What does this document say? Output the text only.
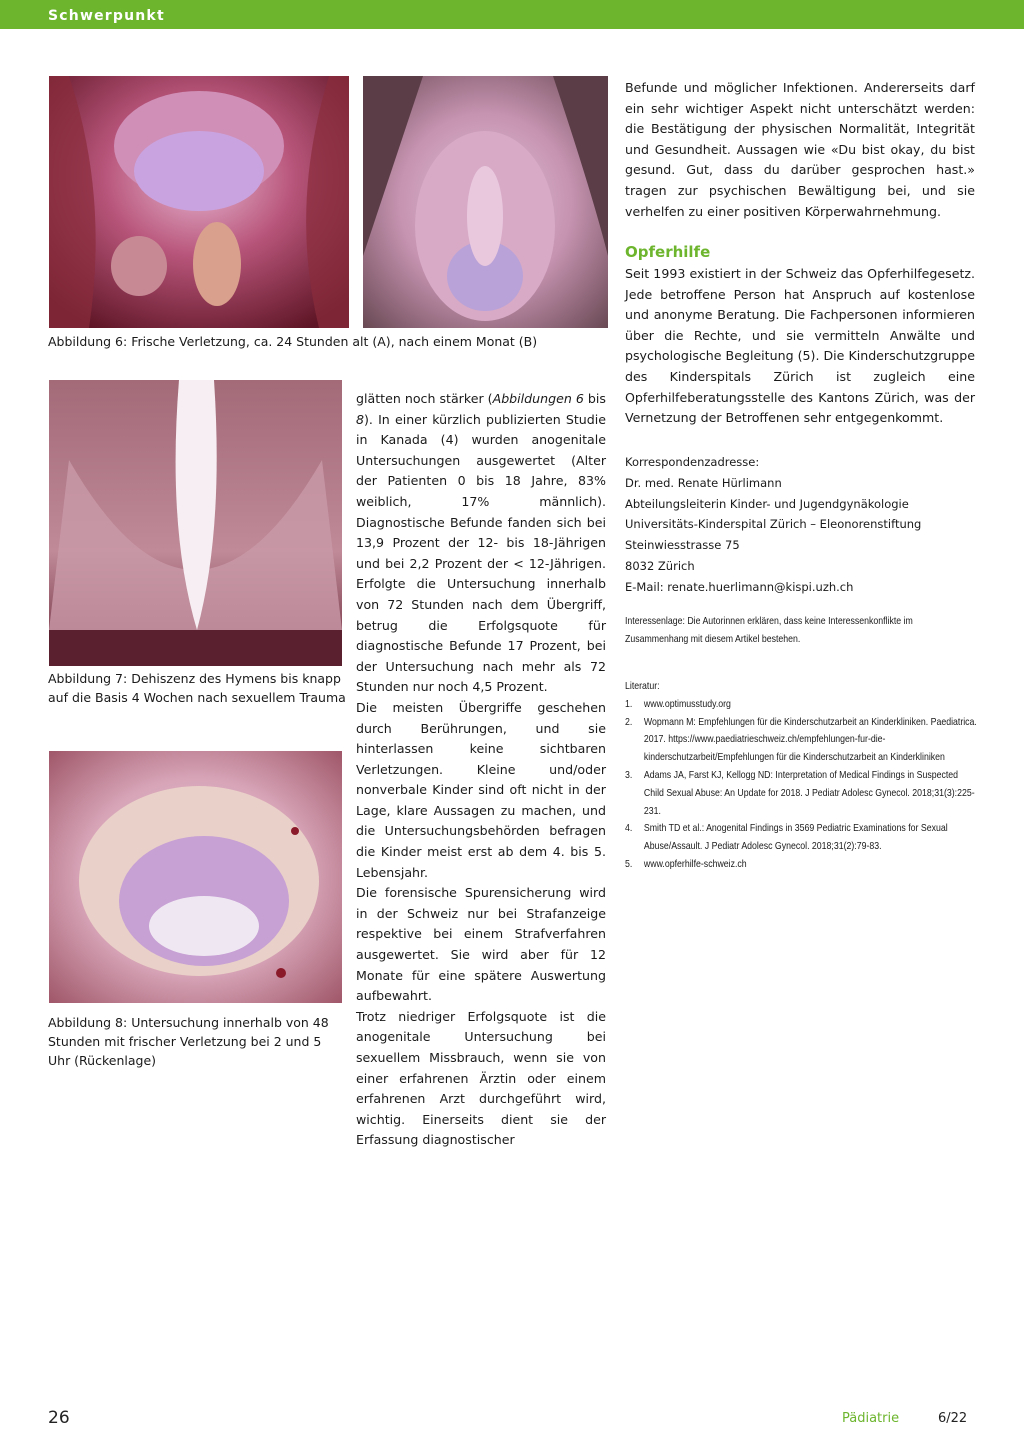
Schwerpunkt
Abbildung 6: Frische Verletzung, ca. 24 Stunden alt (A), nach einem Monat (B)
Abbildung 7: Dehiszenz des Hymens bis knapp auf die Basis 4 Wochen nach sexuellem Trauma
Abbildung 8: Untersuchung innerhalb von 48 Stunden mit frischer Verletzung bei 2 und 5 Uhr (Rückenlage)

glätten noch stärker (Abbildungen 6 bis 8). In einer kürzlich publizierten Studie in Kanada (4) wurden anogenitale Untersuchungen ausgewertet (Alter der Patienten 0 bis 18 Jahre, 83% weiblich, 17% männlich). Diagnostische Befunde fanden sich bei 13,9 Prozent der 12- bis 18-Jährigen und bei 2,2 Prozent der < 12-Jährigen. Erfolgte die Untersuchung innerhalb von 72 Stunden nach dem Übergriff, betrug die Erfolgsquote für diagnostische Befunde 17 Prozent, bei der Untersuchung nach mehr als 72 Stunden nur noch 4,5 Prozent.

Die meisten Übergriffe geschehen durch Berührungen, und sie hinterlassen keine sichtbaren Verletzungen. Kleine und/oder nonverbale Kinder sind oft nicht in der Lage, klare Aussagen zu machen, und die Untersuchungsbehörden befragen die Kinder meist erst ab dem 4. bis 5. Lebensjahr.

Die forensische Spurensicherung wird in der Schweiz nur bei Strafanzeige respektive bei einem Strafverfahren ausgewertet. Sie wird aber für 12 Monate für eine spätere Auswertung aufbewahrt.

Trotz niedriger Erfolgsquote ist die anogenitale Untersuchung bei sexuellem Missbrauch, wenn sie von einer erfahrenen Ärztin oder einem erfahrenen Arzt durchgeführt wird, wichtig. Einerseits dient sie der Erfassung diagnostischer

Befunde und möglicher Infektionen. Andererseits darf ein sehr wichtiger Aspekt nicht unterschätzt werden: die Bestätigung der physischen Normalität, Integrität und Gesundheit. Aussagen wie «Du bist okay, du bist gesund. Gut, dass du darüber gesprochen hast.» tragen zur psychischen Bewältigung bei, und sie verhelfen zu einer positiven Körperwahrnehmung.

Opferhilfe

Seit 1993 existiert in der Schweiz das Opferhilfegesetz. Jede betroffene Person hat Anspruch auf kostenlose und anonyme Beratung. Die Fachpersonen informieren über die Rechte, und sie vermitteln Anwälte und psychologische Begleitung (5). Die Kinderschutzgruppe des Kinderspitals Zürich ist zugleich eine Opferhilfeberatungsstelle des Kantons Zürich, was der Vernetzung der Betroffenen sehr entgegenkommt.

Korrespondenzadresse:
Dr. med. Renate Hürlimann
Abteilungsleiterin Kinder- und Jugendgynäkologie
Universitäts-Kinderspital Zürich – Eleonorenstiftung
Steinwiesstrasse 75
8032 Zürich
E-Mail: renate.huerlimann@kispi.uzh.ch
Interessenlage: Die Autorinnen erklären, dass keine Interessenkonflikte im Zusammenhang mit diesem Artikel bestehen.
Literatur:
1. www.optimusstudy.org
2. Wopmann M: Empfehlungen für die Kinderschutzarbeit an Kinderkliniken. Paediatrica. 2017. https://www.paediatrieschweiz.ch/empfehlungen-fur-die-kinderschutzarbeit/Empfehlungen für die Kinderschutzarbeit an Kinderkliniken
3. Adams JA, Farst KJ, Kellogg ND: Interpretation of Medical Findings in Suspected Child Sexual Abuse: An Update for 2018. J Pediatr Adolesc Gynecol. 2018;31(3):225-231.
4. Smith TD et al.: Anogenital Findings in 3569 Pediatric Examinations for Sexual Abuse/Assault. J Pediatr Adolesc Gynecol. 2018;31(2):79-83.
5. www.opferhilfe-schweiz.ch
26	Pädiatrie	6/22
